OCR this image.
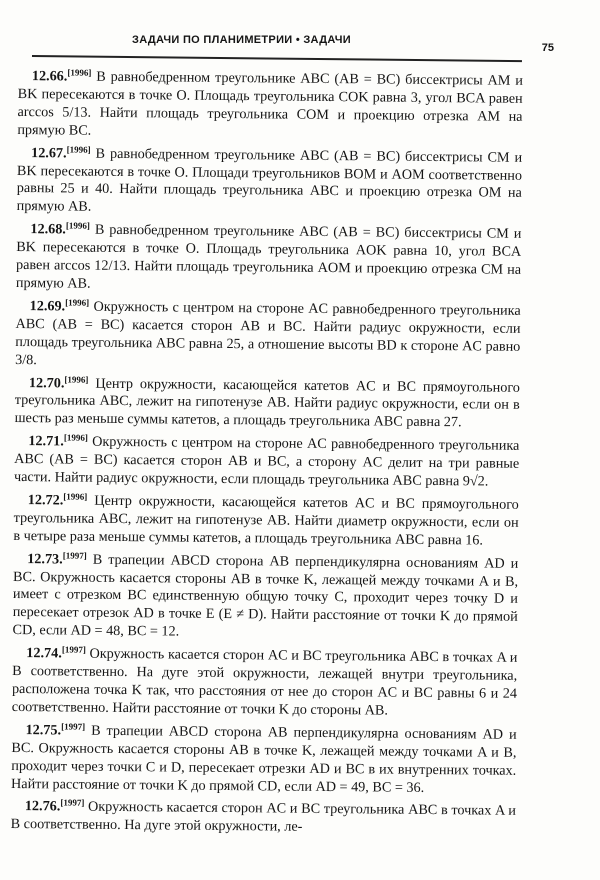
ЗАДАЧИ ПО ПЛАНИМЕТРИИ • ЗАДАЧИ
75

12.66.[1996] В равнобедренном треугольнике ABC (AB = BC) биссектрисы AM и BK пересекаются в точке O. Площадь треугольника COK равна 3, угол BCA равен arccos 5/13. Найти площадь треугольника COM и проекцию отрезка AM на прямую BC.

12.67.[1996] В равнобедренном треугольнике ABC (AB = BC) биссектрисы CM и BK пересекаются в точке O. Площади треугольников BOM и AOM соответственно равны 25 и 40. Найти площадь треугольника ABC и проекцию отрезка OM на прямую AB.

12.68.[1996] В равнобедренном треугольнике ABC (AB = BC) биссектрисы CM и BK пересекаются в точке O. Площадь треугольника AOK равна 10, угол BCA равен arccos 12/13. Найти площадь треугольника AOM и проекцию отрезка CM на прямую AB.

12.69.[1996] Окружность с центром на стороне AC равнобедренного треугольника ABC (AB = BC) касается сторон AB и BC. Найти радиус окружности, если площадь треугольника ABC равна 25, а отношение высоты BD к стороне AC равно 3/8.

12.70.[1996] Центр окружности, касающейся катетов AC и BC прямоугольного треугольника ABC, лежит на гипотенузе AB. Найти радиус окружности, если он в шесть раз меньше суммы катетов, а площадь треугольника ABC равна 27.

12.71.[1996] Окружность с центром на стороне AC равнобедренного треугольника ABC (AB = BC) касается сторон AB и BC, а сторону AC делит на три равные части. Найти радиус окружности, если площадь треугольника ABC равна 9√2.

12.72.[1996] Центр окружности, касающейся катетов AC и BC прямоугольного треугольника ABC, лежит на гипотенузе AB. Найти диаметр окружности, если он в четыре раза меньше суммы катетов, а площадь треугольника ABC равна 16.

12.73.[1997] В трапеции ABCD сторона AB перпендикулярна основаниям AD и BC. Окружность касается стороны AB в точке K, лежащей между точками A и B, имеет с отрезком BC единственную общую точку C, проходит через точку D и пересекает отрезок AD в точке E (E ≠ D). Найти расстояние от точки K до прямой CD, если AD = 48, BC = 12.

12.74.[1997] Окружность касается сторон AC и BC треугольника ABC в точках A и B соответственно. На дуге этой окружности, лежащей внутри треугольника, расположена точка K так, что расстояния от нее до сторон AC и BC равны 6 и 24 соответственно. Найти расстояние от точки K до стороны AB.

12.75.[1997] В трапеции ABCD сторона AB перпендикулярна основаниям AD и BC. Окружность касается стороны AB в точке K, лежащей между точками A и B, проходит через точки C и D, пересекает отрезки AD и BC в их внутренних точках. Найти расстояние от точки K до прямой CD, если AD = 49, BC = 36.

12.76.[1997] Окружность касается сторон AC и BC треугольника ABC в точках A и B соответственно. На дуге этой окружности, ле-
